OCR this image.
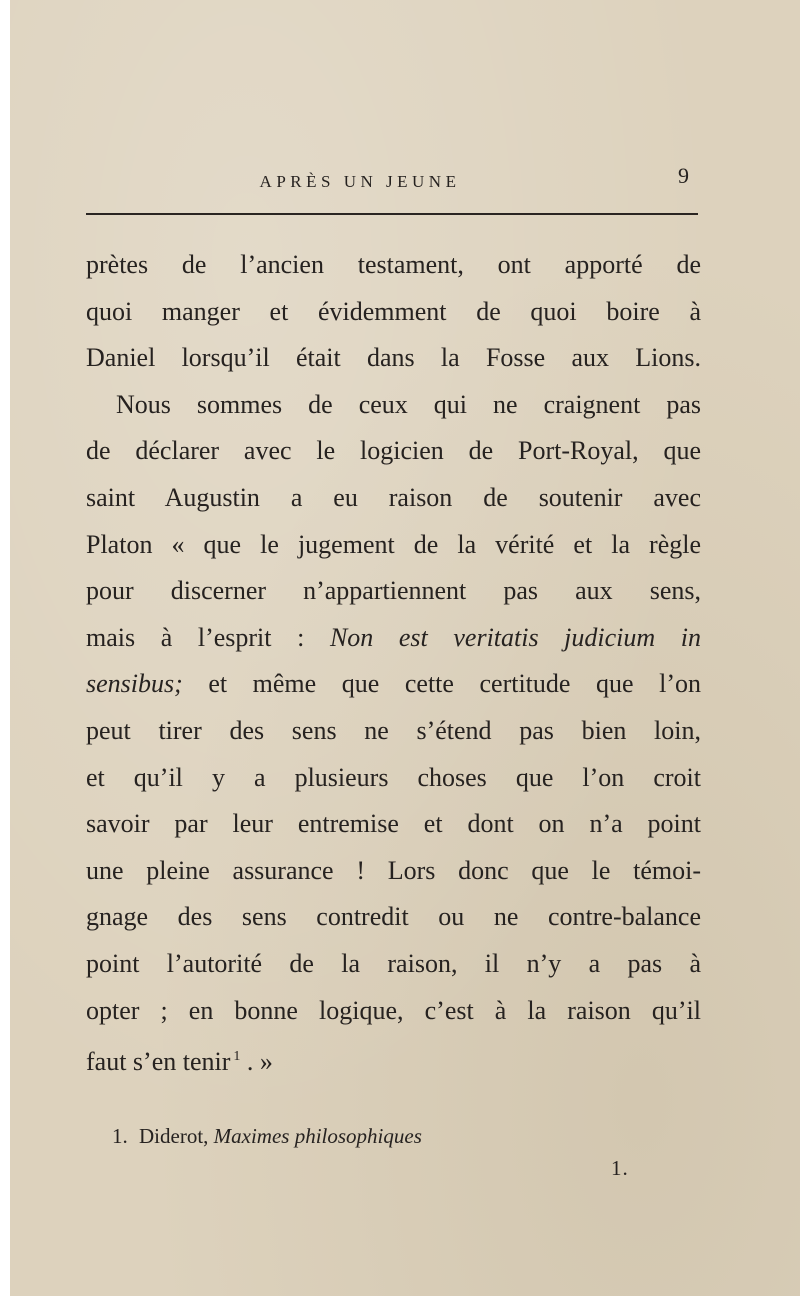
APRÈS UN JEUNE	9
prètes de l’ancien testament, ont apporté de
quoi manger et évidemment de quoi boire à
Daniel lorsqu’il était dans la Fosse aux Lions.
Nous sommes de ceux qui ne craignent pas
de déclarer avec le logicien de Port-Royal, que
saint Augustin a eu raison de soutenir avec
Platon « que le jugement de la vérité et la règle
pour discerner n’appartiennent pas aux sens,
mais à l’esprit : Non est veritatis judicium in
sensibus; et même que cette certitude que l’on
peut tirer des sens ne s’étend pas bien loin,
et qu’il y a plusieurs choses que l’on croit
savoir par leur entremise et dont on n’a point
une pleine assurance ! Lors donc que le témoi-
gnage des sens contredit ou ne contre-balance
point l’autorité de la raison, il n’y a pas à
opter ; en bonne logique, c’est à la raison qu’il
faut s’en tenir $^1$ . »
1. Diderot, Maximes philosophiques
1.
